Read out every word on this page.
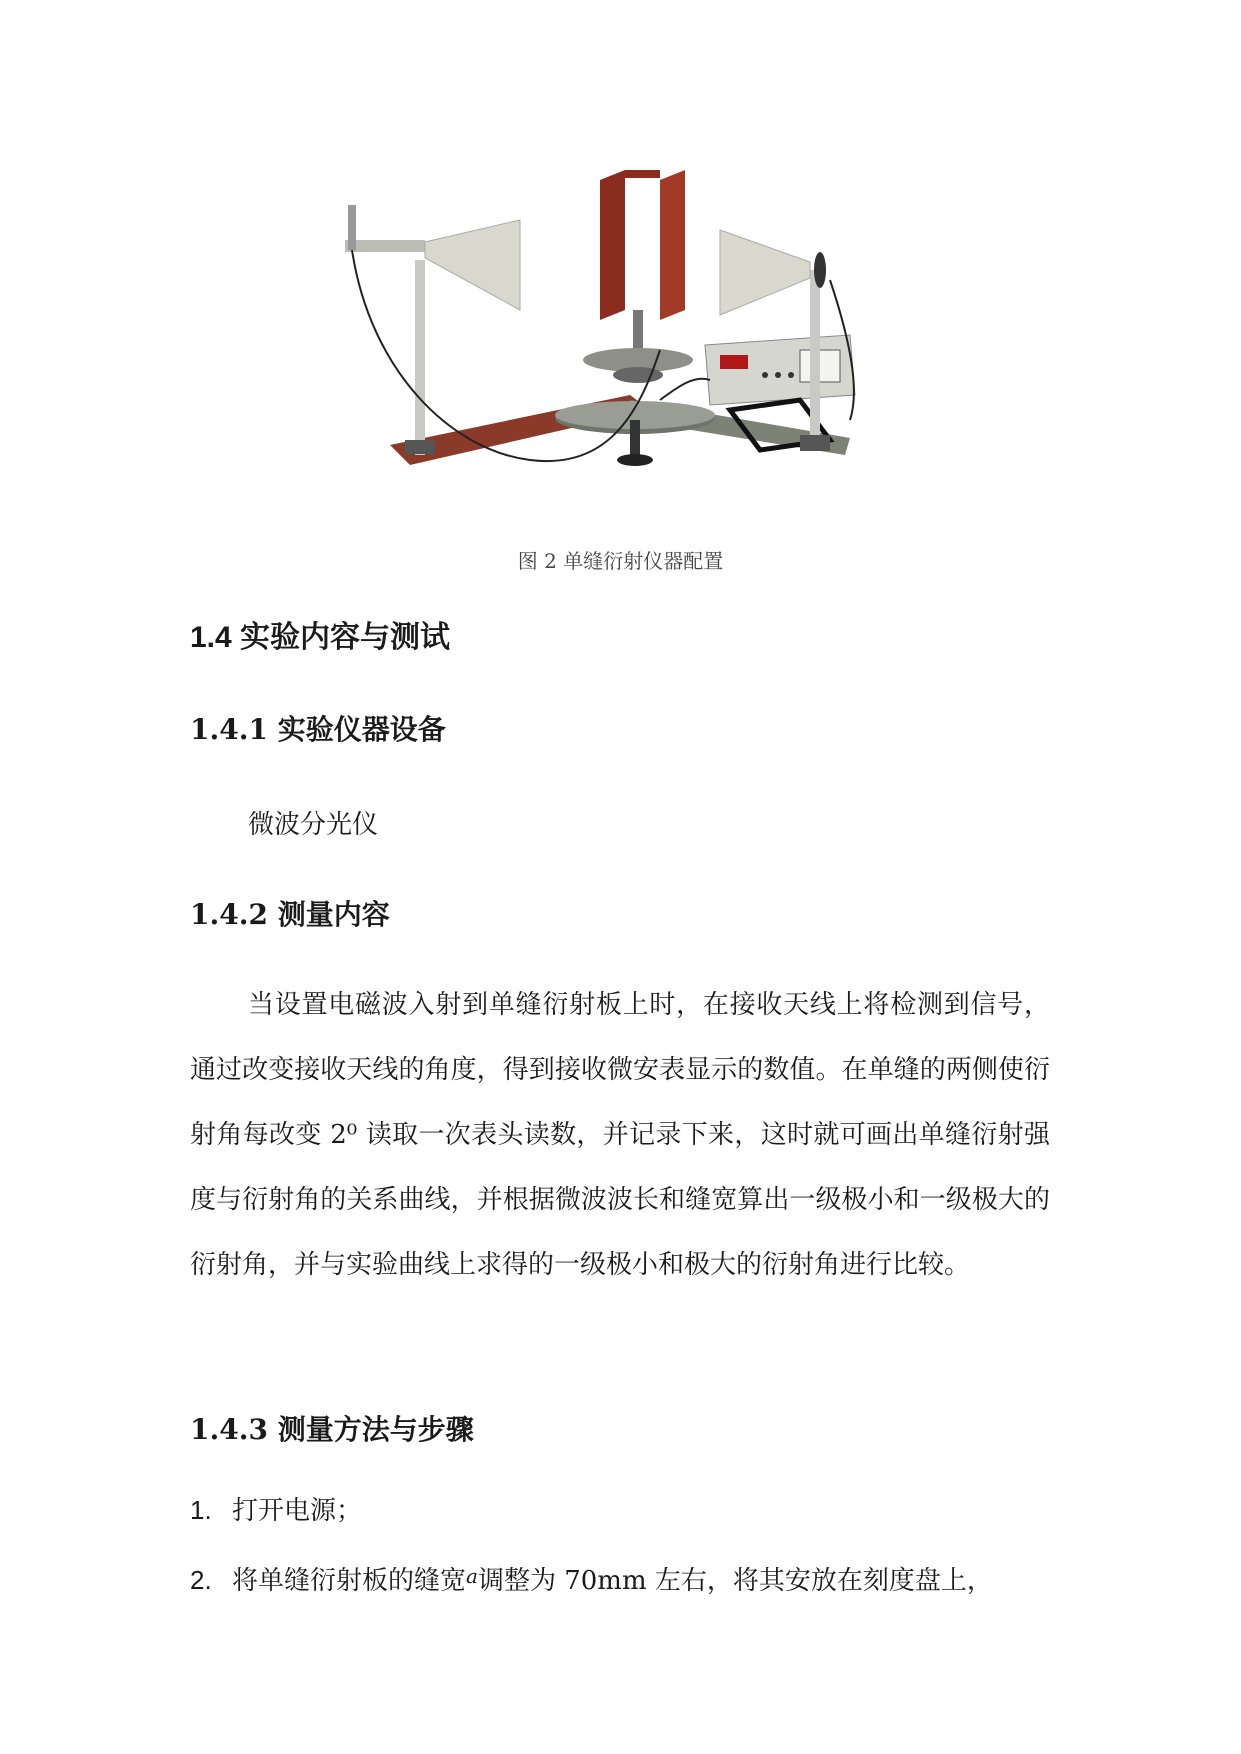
图 2 单缝衍射仪器配置
1.4 实验内容与测试
1.4.1 实验仪器设备

微波分光仪

1.4.2 测量内容

当设置电磁波入射到单缝衍射板上时，在接收天线上将检测到信号，通过改变接收天线的角度，得到接收微安表显示的数值。在单缝的两侧使衍射角每改变 2⁰ 读取一次表头读数，并记录下来，这时就可画出单缝衍射强度与衍射角的关系曲线，并根据微波波长和缝宽算出一级极小和一级极大的衍射角，并与实验曲线上求得的一级极小和极大的衍射角进行比较。

1.4.3 测量方法与步骤
1. 打开电源；
2. 将单缝衍射板的缝宽$^a$调整为 70mm 左右，将其安放在刻度盘上，
